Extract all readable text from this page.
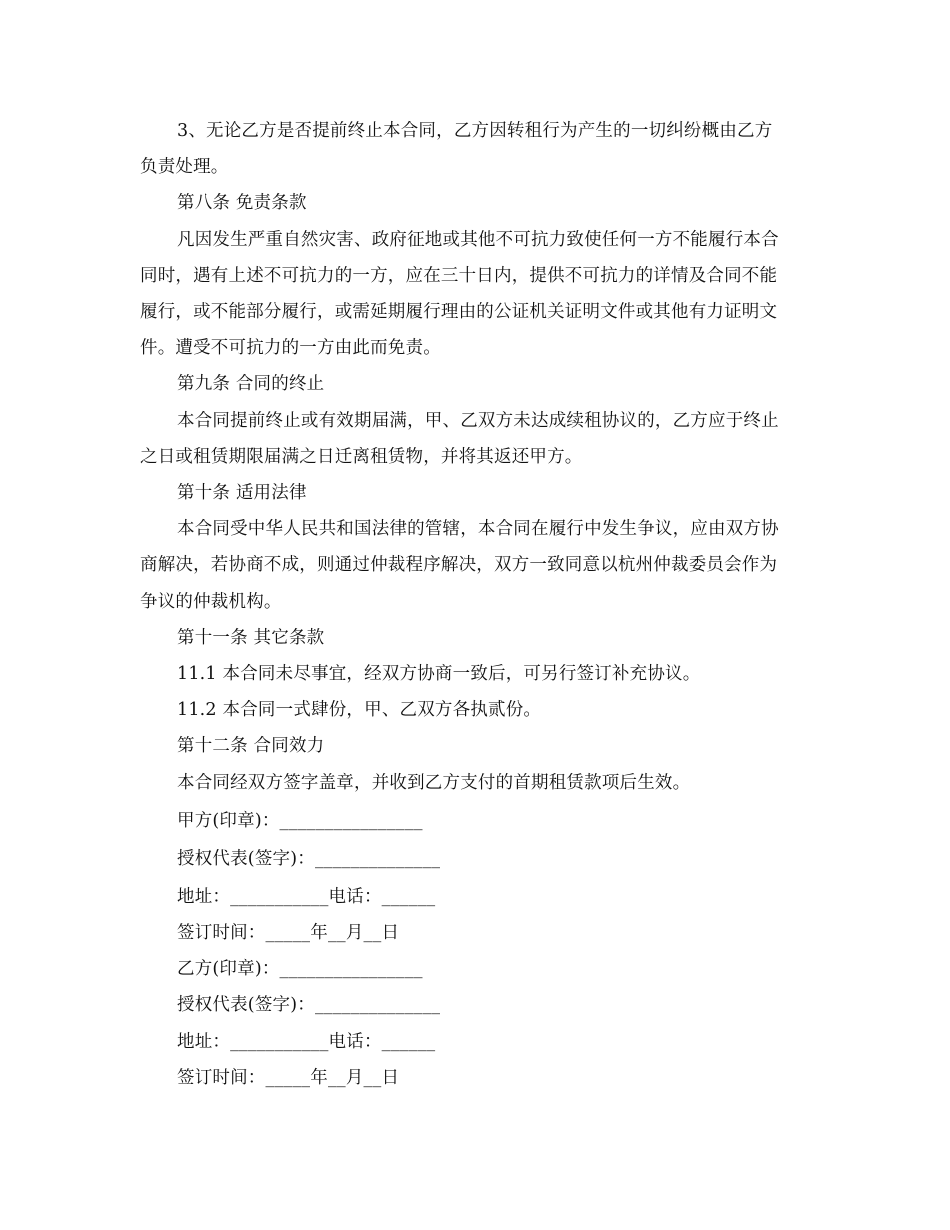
3、无论乙方是否提前终止本合同，乙方因转租行为产生的一切纠纷概由乙方
负责处理。
第八条 免责条款
凡因发生严重自然灾害、政府征地或其他不可抗力致使任何一方不能履行本合
同时，遇有上述不可抗力的一方，应在三十日内，提供不可抗力的详情及合同不能
履行，或不能部分履行，或需延期履行理由的公证机关证明文件或其他有力证明文
件。遭受不可抗力的一方由此而免责。
第九条 合同的终止
本合同提前终止或有效期届满，甲、乙双方未达成续租协议的，乙方应于终止
之日或租赁期限届满之日迁离租赁物，并将其返还甲方。
第十条 适用法律
本合同受中华人民共和国法律的管辖，本合同在履行中发生争议，应由双方协
商解决，若协商不成，则通过仲裁程序解决，双方一致同意以杭州仲裁委员会作为
争议的仲裁机构。
第十一条 其它条款
11.1 本合同未尽事宜，经双方协商一致后，可另行签订补充协议。
11.2 本合同一式肆份，甲、乙双方各执贰份。
第十二条 合同效力
本合同经双方签字盖章，并收到乙方支付的首期租赁款项后生效。
甲方(印章)：________________
授权代表(签字)：______________
地址：___________电话：______
签订时间：_____年__月__日
乙方(印章)：________________
授权代表(签字)：______________
地址：___________电话：______
签订时间：_____年__月__日
